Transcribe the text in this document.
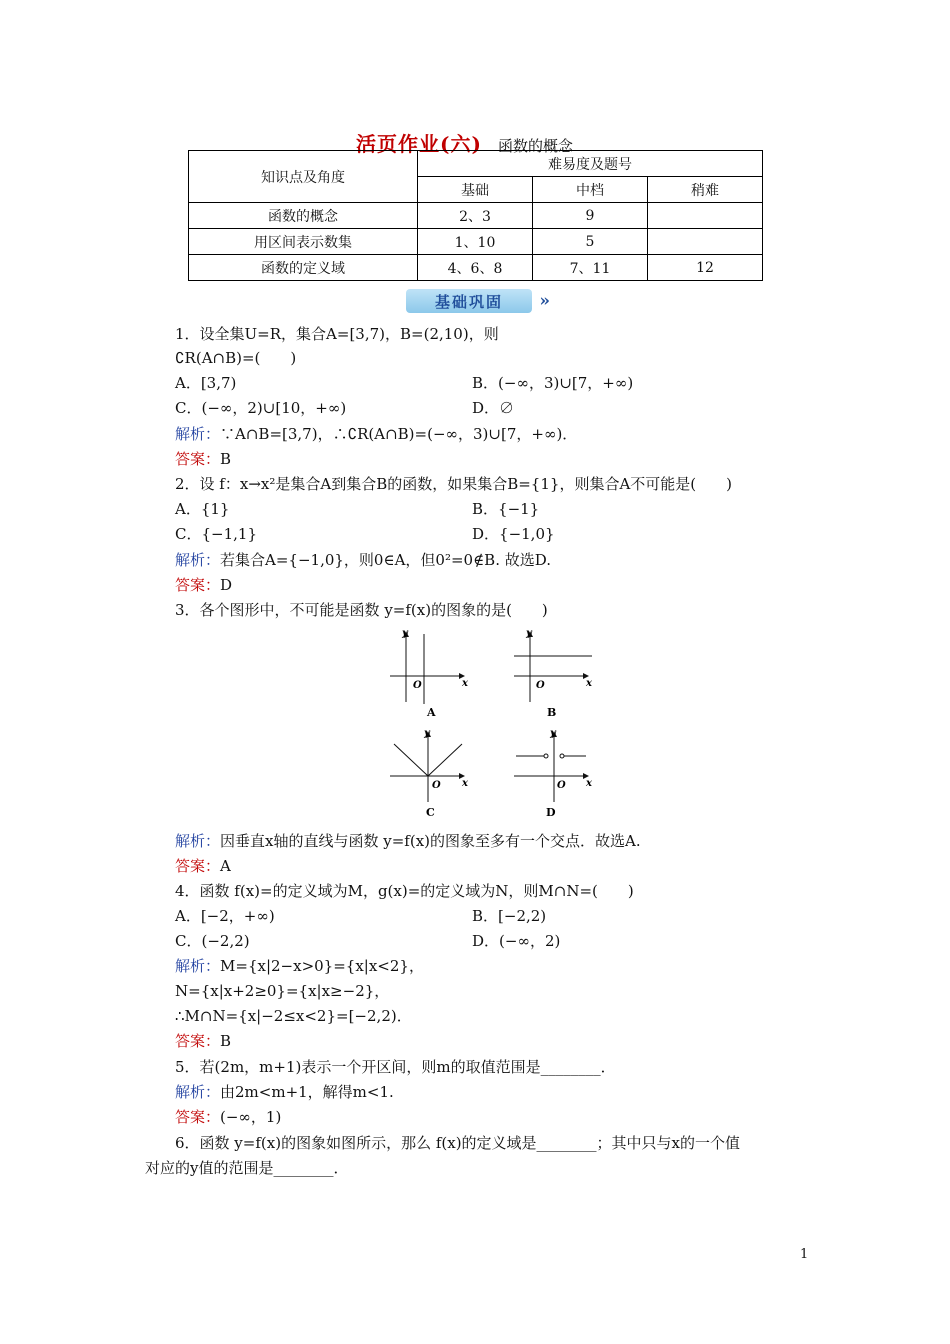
活页作业(六) 函数的概念
知识点及角度	难易度及题号		
	基础	中档	稍难
函数的概念	2、3	9	
用区间表示数集	1、10	5	
函数的定义域	4、6、8	7、11	12
基础巩固 »
1．设全集U=R，集合A=[3,7)，B=(2,10)，则
∁R(A∩B)=(　　)
A．[3,7)	B．(−∞，3)∪[7，+∞)
C．(−∞，2)∪[10，+∞)	D．∅
解析：∵A∩B=[3,7)，∴∁R(A∩B)=(−∞，3)∪[7，+∞)．
答案：B
2．设 f：x→x²是集合A到集合B的函数，如果集合B={1}，则集合A不可能是(　　)
A．{1}	B．{−1}
C．{−1,1}	D．{−1,0}
解析：若集合A={−1,0}，则0∈A，但0²=0∉B. 故选D.
答案：D
3．各个图形中，不可能是函数 y=f(x)的图象的是(　　)
y
x
O
A
y
x
O
B
y
x
O
C
y
x
O
D
解析：因垂直x轴的直线与函数 y=f(x)的图象至多有一个交点．故选A.
答案：A
4．函数 f(x)=的定义域为M，g(x)=的定义域为N，则M∩N=(　　)
A．[−2，+∞)	B．[−2,2)
C．(−2,2)	D．(−∞，2)
解析：M={x|2−x>0}={x|x<2}，
N={x|x+2≥0}={x|x≥−2}，
∴M∩N={x|−2≤x<2}=[−2,2)．
答案：B
5．若(2m，m+1)表示一个开区间，则m的取值范围是________．
解析：由2m<m+1，解得m<1.
答案：(−∞，1)
6．函数 y=f(x)的图象如图所示，那么 f(x)的定义域是________；其中只与x的一个值
对应的y值的范围是________．
1
